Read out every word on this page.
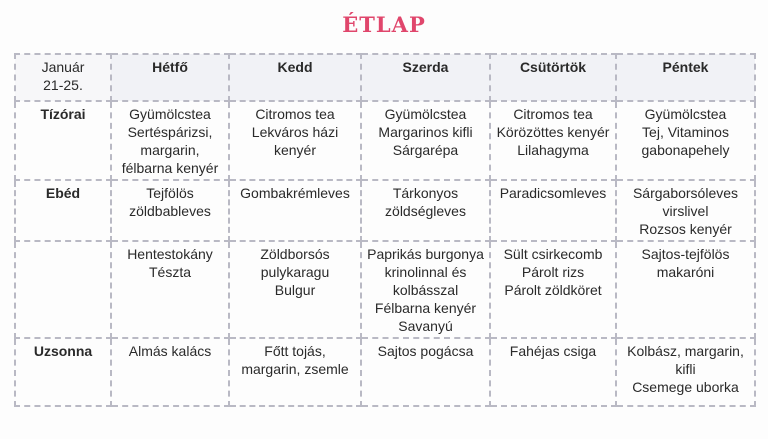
ÉTLAP
Január
21-25.	Hétfő	Kedd	Szerda	Csütörtök	Péntek
Tízórai	Gyümölcstea
Sertéspárizsi,
margarin,
félbarna kenyér	Citromos tea
Lekváros házi
kenyér	Gyümölcstea
Margarinos kifli
Sárgarépa	Citromos tea
Körözöttes kenyér
Lilahagyma	Gyümölcstea
Tej, Vitaminos
gabonapehely

Ebéd	Tejfölös
zöldbableves	Gombakrémleves	Tárkonyos
zöldségleves	Paradicsomleves	Sárgaborsóleves
virslivel
Rozsos kenyér

	Hentestokány
Tészta	Zöldborsós
pulykaragu
Bulgur	Paprikás burgonya
krinolinnal és
kolbásszal
Félbarna kenyér
Savanyú	Sült csirkecomb
Párolt rizs
Párolt zöldköret	Sajtos-tejfölös
makaróni

Uzsonna	Almás kalács	Főtt tojás,
margarin, zsemle	Sajtos pogácsa	Fahéjas csiga	Kolbász, margarin,
kifli
Csemege uborka
